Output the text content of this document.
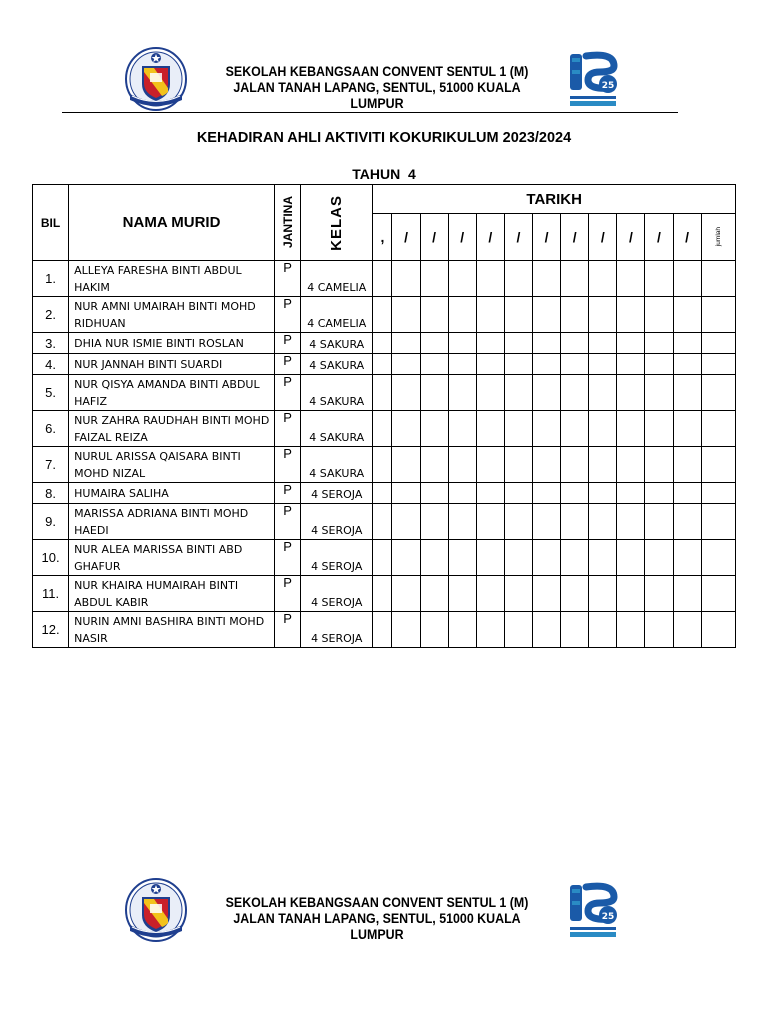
SEKOLAH KEBANGSAAN CONVENT SENTUL 1 (M)
JALAN TANAH LAPANG, SENTUL, 51000 KUALA LUMPUR
25
KEHADIRAN AHLI AKTIVITI KOKURIKULUM 2023/2024
TAHUN  4
BIL	NAMA MURID	JANTINA	KELAS	TARIKH												
				,	/	/	/	/	/	/	/	/	/	/	/	jumlah

1.	ALLEYA FARESHA BINTI ABDUL HAKIM	P	4 CAMELIA													
2.	NUR AMNI UMAIRAH BINTI MOHD RIDHUAN	P	4 CAMELIA													
3.	DHIA NUR ISMIE BINTI ROSLAN	P	4 SAKURA													
4.	NUR JANNAH BINTI SUARDI	P	4 SAKURA													
5.	NUR QISYA AMANDA BINTI ABDUL HAFIZ	P	4 SAKURA													
6.	NUR ZAHRA RAUDHAH BINTI MOHD FAIZAL REIZA	P	4 SAKURA													
7.	NURUL ARISSA QAISARA BINTI MOHD NIZAL	P	4 SAKURA													
8.	HUMAIRA SALIHA	P	4 SEROJA													
9.	MARISSA ADRIANA BINTI MOHD HAEDI	P	4 SEROJA													
10.	NUR ALEA MARISSA BINTI ABD GHAFUR	P	4 SEROJA													
11.	NUR KHAIRA HUMAIRAH BINTI ABDUL KABIR	P	4 SEROJA													
12.	NURIN AMNI BASHIRA BINTI MOHD NASIR	P	4 SEROJA													
SEKOLAH KEBANGSAAN CONVENT SENTUL 1 (M)
JALAN TANAH LAPANG, SENTUL, 51000 KUALA LUMPUR
25
